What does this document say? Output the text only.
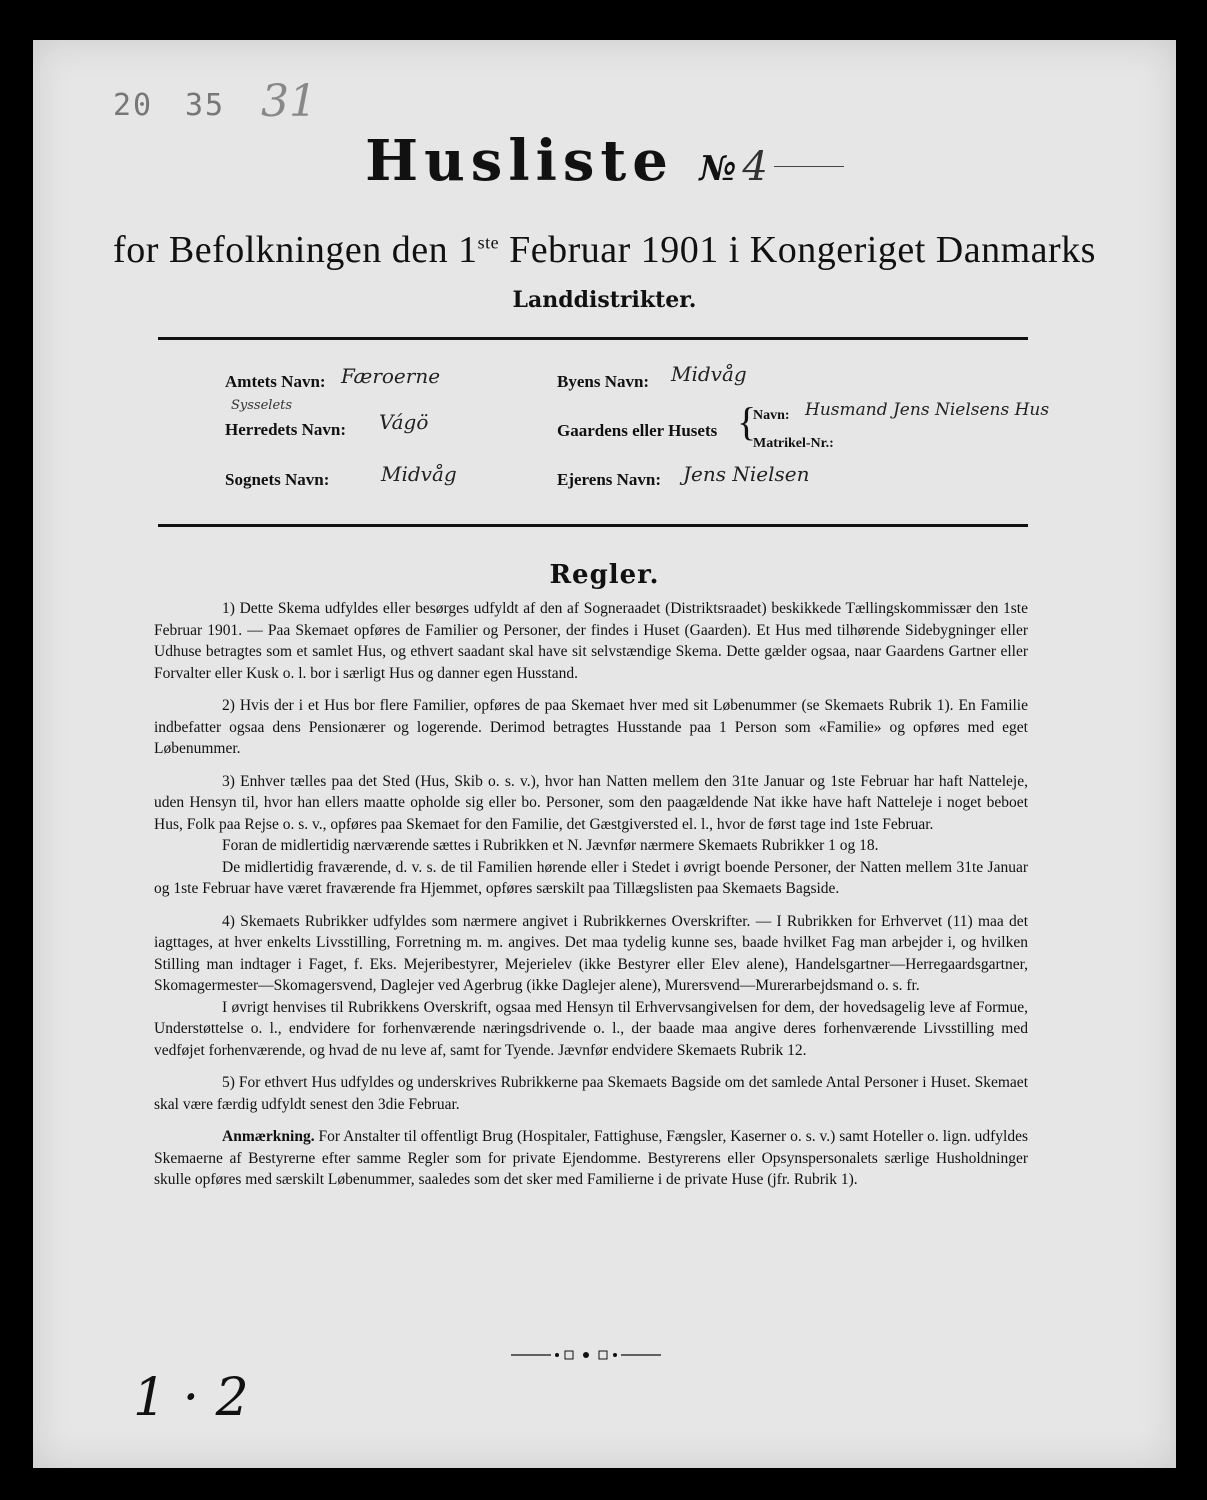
20 35 31
Husliste №4
for Befolkningen den 1ste Februar 1901 i Kongeriget Danmarks
Landdistrikter.
Amtets Navn: Færoerne
Sysselets
Herredets Navn: Vágö
Sognets Navn:	Midvåg
Byens Navn: Midvåg
Gaardens eller Husets {
Navn: Husmand Jens Nielsens Hus
Matrikel-Nr.:
Ejerens Navn: Jens Nielsen
Regler.

1) Dette Skema udfyldes eller besørges udfyldt af den af Sogneraadet (Distriktsraadet) beskikkede Tællingskommissær den 1ste Februar 1901. — Paa Skemaet opføres de Familier og Personer, der findes i Huset (Gaarden). Et Hus med tilhørende Sidebygninger eller Udhuse betragtes som et samlet Hus, og ethvert saadant skal have sit selvstændige Skema. Dette gælder ogsaa, naar Gaardens Gartner eller Forvalter eller Kusk o. l. bor i særligt Hus og danner egen Husstand.

2) Hvis der i et Hus bor flere Familier, opføres de paa Skemaet hver med sit Løbenummer (se Skemaets Rubrik 1). En Familie indbefatter ogsaa dens Pensionærer og logerende. Derimod betragtes Husstande paa 1 Person som «Familie» og opføres med eget Løbenummer.

3) Enhver tælles paa det Sted (Hus, Skib o. s. v.), hvor han Natten mellem den 31te Januar og 1ste Februar har haft Natteleje, uden Hensyn til, hvor han ellers maatte opholde sig eller bo. Personer, som den paagældende Nat ikke have haft Natteleje i noget beboet Hus, Folk paa Rejse o. s. v., opføres paa Skemaet for den Familie, det Gæstgiversted el. l., hvor de først tage ind 1ste Februar.

Foran de midlertidig nærværende sættes i Rubrikken et N. Jævnfør nærmere Skemaets Rubrikker 1 og 18.

De midlertidig fraværende, d. v. s. de til Familien hørende eller i Stedet i øvrigt boende Personer, der Natten mellem 31te Januar og 1ste Februar have været fraværende fra Hjemmet, opføres særskilt paa Tillægslisten paa Skemaets Bagside.

4) Skemaets Rubrikker udfyldes som nærmere angivet i Rubrikkernes Overskrifter. — I Rubrikken for Erhvervet (11) maa det iagttages, at hver enkelts Livsstilling, Forretning m. m. angives. Det maa tydelig kunne ses, baade hvilket Fag man arbejder i, og hvilken Stilling man indtager i Faget, f. Eks. Mejeribestyrer, Mejerielev (ikke Bestyrer eller Elev alene), Handelsgartner—Herregaardsgartner, Skomagermester—Skomagersvend, Daglejer ved Agerbrug (ikke Daglejer alene), Murersvend—Murerarbejdsmand o. s. fr.

I øvrigt henvises til Rubrikkens Overskrift, ogsaa med Hensyn til Erhvervsangivelsen for dem, der hovedsagelig leve af Formue, Understøttelse o. l., endvidere for forhenværende næringsdrivende o. l., der baade maa angive deres forhenværende Livsstilling med vedføjet forhenværende, og hvad de nu leve af, samt for Tyende. Jævnfør endvidere Skemaets Rubrik 12.

5) For ethvert Hus udfyldes og underskrives Rubrikkerne paa Skemaets Bagside om det samlede Antal Personer i Huset. Skemaet skal være færdig udfyldt senest den 3die Februar.

Anmærkning. For Anstalter til offentligt Brug (Hospitaler, Fattighuse, Fængsler, Kaserner o. s. v.) samt Hoteller o. lign. udfyldes Skemaerne af Bestyrerne efter samme Regler som for private Ejendomme. Bestyrerens eller Opsynspersonalets særlige Husholdninger skulle opføres med særskilt Løbenummer, saaledes som det sker med Familierne i de private Huse (jfr. Rubrik 1).

1 · 2
